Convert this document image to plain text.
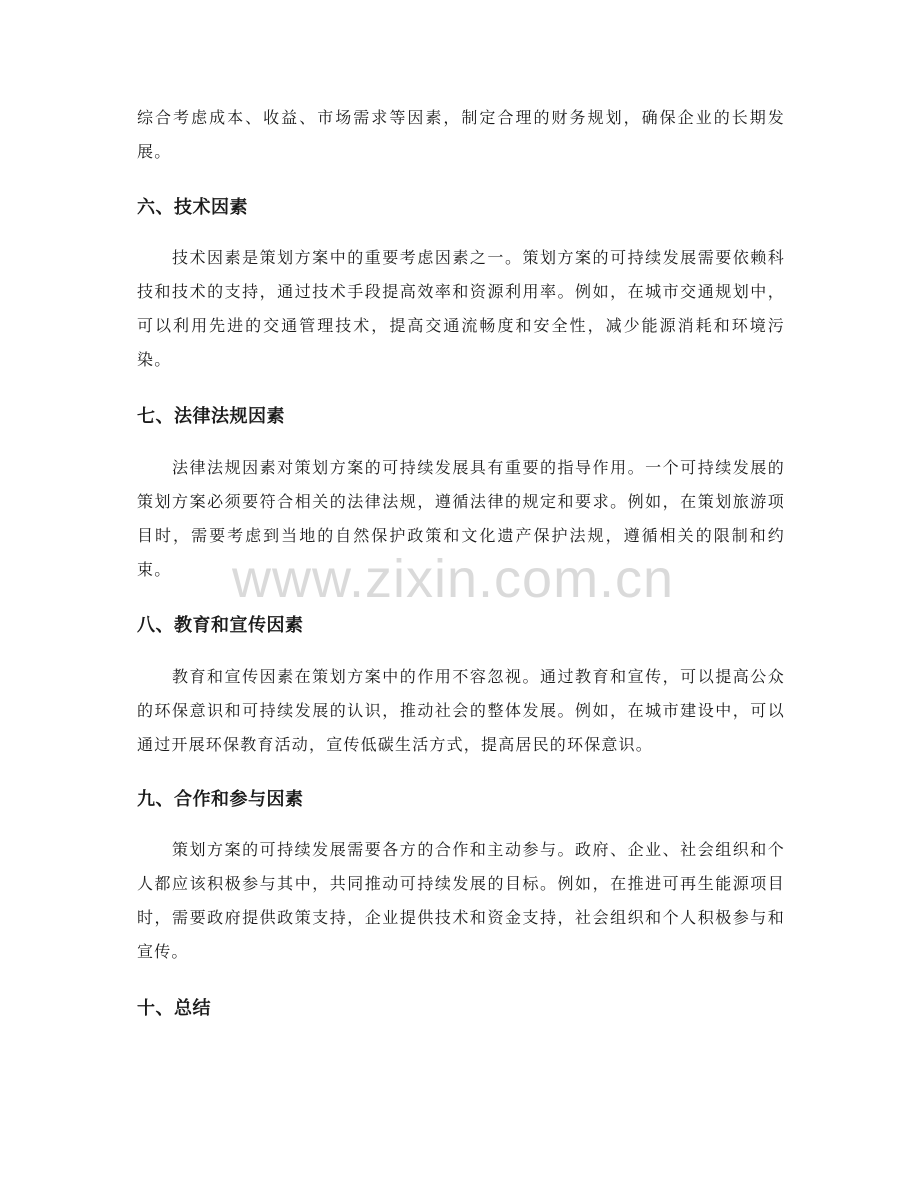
综合考虑成本、收益、市场需求等因素，制定合理的财务规划，确保企业的长期发展。

六、技术因素

技术因素是策划方案中的重要考虑因素之一。策划方案的可持续发展需要依赖科技和技术的支持，通过技术手段提高效率和资源利用率。例如，在城市交通规划中，可以利用先进的交通管理技术，提高交通流畅度和安全性，减少能源消耗和环境污染。

七、法律法规因素

法律法规因素对策划方案的可持续发展具有重要的指导作用。一个可持续发展的策划方案必须要符合相关的法律法规，遵循法律的规定和要求。例如，在策划旅游项目时，需要考虑到当地的自然保护政策和文化遗产保护法规，遵循相关的限制和约束。

八、教育和宣传因素

教育和宣传因素在策划方案中的作用不容忽视。通过教育和宣传，可以提高公众的环保意识和可持续发展的认识，推动社会的整体发展。例如，在城市建设中，可以通过开展环保教育活动，宣传低碳生活方式，提高居民的环保意识。

九、合作和参与因素

策划方案的可持续发展需要各方的合作和主动参与。政府、企业、社会组织和个人都应该积极参与其中，共同推动可持续发展的目标。例如，在推进可再生能源项目时，需要政府提供政策支持，企业提供技术和资金支持，社会组织和个人积极参与和宣传。

十、总结
www.zixin.com.cn
